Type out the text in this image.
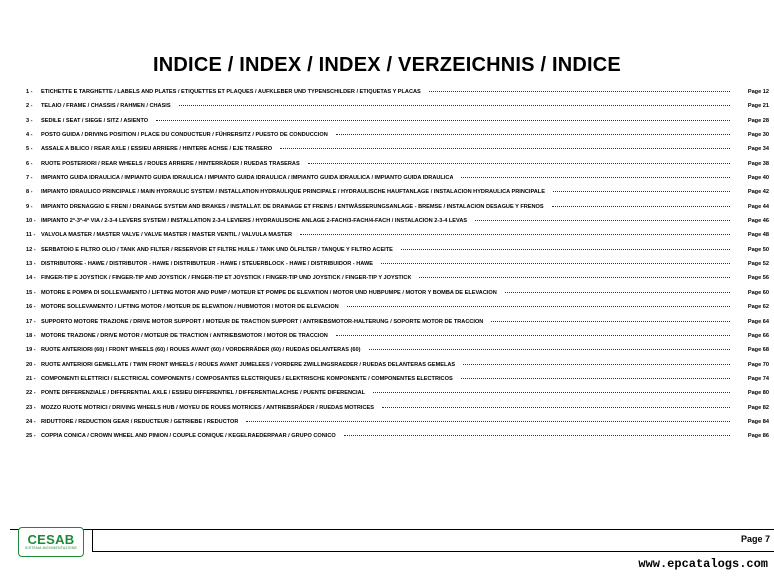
INDICE / INDEX / INDEX / VERZEICHNIS / INDICE
1 -	ETICHETTE E TARGHETTE / LABELS AND PLATES / ETIQUETTES ET PLAQUES / AUFKLEBER UND TYPENSCHILDER / ETIQUETAS Y PLACAS	Page 12
2 -	TELAIO / FRAME / CHASSIS / RAHMEN / CHASIS	Page 21
3 -	SEDILE / SEAT / SIEGE / SITZ / ASIENTO	Page 28
4 -	POSTO GUIDA / DRIVING POSITION / PLACE DU CONDUCTEUR / FÜHRERSITZ / PUESTO DE CONDUCCION	Page 30
5 -	ASSALE A BILICO / REAR AXLE / ESSIEU ARRIERE / HINTERE ACHSE / EJE TRASERO	Page 34
6 -	RUOTE POSTERIORI / REAR WHEELS / ROUES ARRIERE / HINTERRÄDER / RUEDAS TRASERAS	Page 38
7 -	IMPIANTO GUIDA IDRAULICA / IMPIANTO GUIDA IDRAULICA / IMPIANTO GUIDA IDRAULICA / IMPIANTO GUIDA IDRAULICA / IMPIANTO GUIDA IDRAULICA	Page 40
8 -	IMPIANTO IDRAULICO PRINCIPALE / MAIN HYDRAULIC SYSTEM / INSTALLATION HYDRAULIQUE PRINCIPALE / HYDRAULISCHE HAUFTANLAGE / INSTALACION HYDRAULICA PRINCIPALE	Page 42
9 -	IMPIANTO DRENAGGIO E FRENI / DRAINAGE SYSTEM AND BRAKES / INSTALLAT. DE DRAINAGE ET FREINS / ENTWÄSSERUNGSANLAGE - BREMSE / INSTALACION DESAGUE Y FRENOS	Page 44
10 - IMPIANTO 2ª-3ª-4ª VIA / 2-3-4 LEVERS SYSTEM / INSTALLATION 2-3-4 LEVIERS / HYDRAULISCHE ANLAGE 2-FACH/3-FACH/4-FACH / INSTALACION 2-3-4 LEVAS	Page 46
11 -	VALVOLA MASTER / MASTER VALVE / VALVE MASTER / MASTER VENTIL / VALVULA MASTER	Page 48
12 - SERBATOIO E FILTRO OLIO / TANK AND FILTER / RESERVOIR ET FILTRE HUILE / TANK UND ÖLFILTER / TANQUE Y FILTRO ACEITE	Page 50
13 - DISTRIBUTORE - HAWE / DISTRIBUTOR - HAWE / DISTRIBUTEUR - HAWE / STEUERBLOCK - HAWE / DISTRIBUIDOR - HAWE	Page 52
14 - FINGER-TIP E JOYSTICK / FINGER-TIP AND JOYSTICK / FINGER-TIP ET JOYSTICK / FINGER-TIP UND JOYSTICK / FINGER-TIP Y JOYSTICK	Page 56
15 - MOTORE E POMPA DI SOLLEVAMENTO / LIFTING MOTOR AND PUMP / MOTEUR ET POMPE DE ELEVATION / MOTOR UND HUBPUMPE / MOTOR Y BOMBA DE ELEVACION	Page 60
16 - MOTORE SOLLEVAMENTO / LIFTING MOTOR / MOTEUR DE ELEVATION / HUBMOTOR / MOTOR DE ELEVACION	Page 62
17 - SUPPORTO MOTORE TRAZIONE / DRIVE MOTOR SUPPORT / MOTEUR DE TRACTION SUPPORT / ANTRIEBSMOTOR-HALTERUNG / SOPORTE MOTOR DE TRACCION	Page 64
18 - MOTORE TRAZIONE / DRIVE MOTOR / MOTEUR DE TRACTION / ANTRIEBSMOTOR / MOTOR DE TRACCION	Page 66
19 - RUOTE ANTERIORI (60) / FRONT WHEELS (60) / ROUES AVANT (60) / VORDERRÄDER (60) / RUEDAS DELANTERAS (60)	Page 68
20 - RUOTE ANTERIORI GEMELLATE / TWIN FRONT WHEELS / ROUES AVANT JUMELEES / VORDERE ZWILLINGSRAEDER / RUEDAS DELANTERAS GEMELAS	Page 70
21 - COMPONENTI ELETTRICI / ELECTRICAL COMPONENTS / COMPOSANTES ELECTRIQUES / ELEKTRISCHE KOMPONENTE / COMPONENTES ELECTRICOS	Page 74
22 - PONTE DIFFERENZIALE / DIFFERENTIAL AXLE / ESSIEU DIFFERENTIEL / DIFFERENTIALACHSE / PUENTE DIFERENCIAL	Page 80
23 - MOZZO RUOTE MOTRICI / DRIVING WHEELS HUB / MOYEU DE ROUES MOTRICES / ANTRIEBSRÄDER / RUEDAS MOTRICES	Page 82
24 - RIDUTTORE / REDUCTION GEAR / REDUCTEUR / GETRIEBE / REDUCTOR	Page 84
25 - COPPIA CONICA / CROWN WHEEL AND PINION / COUPLE CONIQUE / KEGELRAEDERPAAR / GRUPO CONICO	Page 86
CESAB
SISTEMA MOVIMENTAZIONE
Page 7
www.epcatalogs.com
